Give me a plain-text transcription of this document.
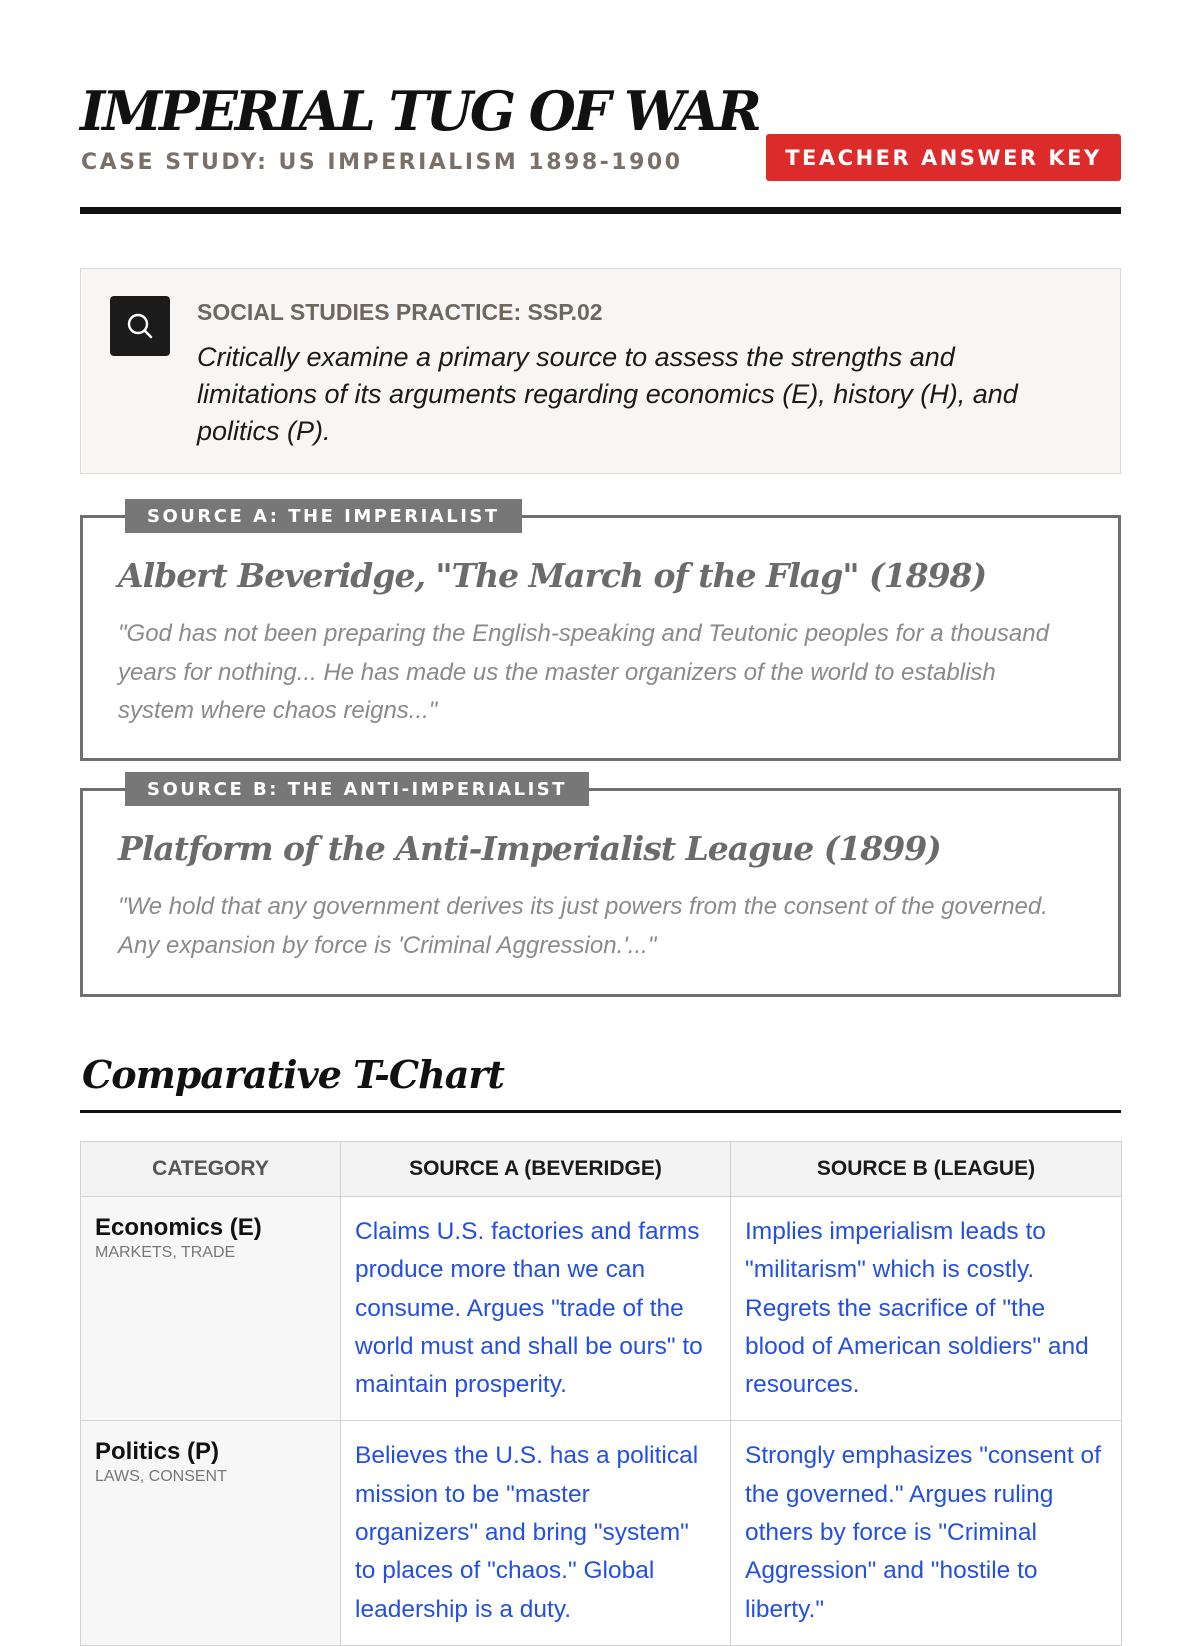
IMPERIAL TUG OF WAR
CASE STUDY: US IMPERIALISM 1898-1900	TEACHER ANSWER KEY
SOCIAL STUDIES PRACTICE: SSP.02
Critically examine a primary source to assess the strengths and limitations of its arguments regarding economics (E), history (H), and politics (P).
SOURCE A: THE IMPERIALIST
Albert Beveridge, "The March of the Flag" (1898)

"God has not been preparing the English-speaking and Teutonic peoples for a thousand years for nothing... He has made us the master organizers of the world to establish system where chaos reigns..."

SOURCE B: THE ANTI-IMPERIALIST
Platform of the Anti-Imperialist League (1899)

"We hold that any government derives its just powers from the consent of the governed. Any expansion by force is 'Criminal Aggression.'..."

Comparative T-Chart
CATEGORY	SOURCE A (BEVERIDGE)	SOURCE B (LEAGUE)

Economics (E)
MARKETS, TRADE	Claims U.S. factories and farms produce more than we can consume. Argues "trade of the world must and shall be ours" to maintain prosperity.	Implies imperialism leads to "militarism" which is costly. Regrets the sacrifice of "the blood of American soldiers" and resources.

Politics (P)
LAWS, CONSENT	Believes the U.S. has a political mission to be "master organizers" and bring "system" to places of "chaos." Global leadership is a duty.	Strongly emphasizes "consent of the governed." Argues ruling others by force is "Criminal Aggression" and "hostile to liberty."
